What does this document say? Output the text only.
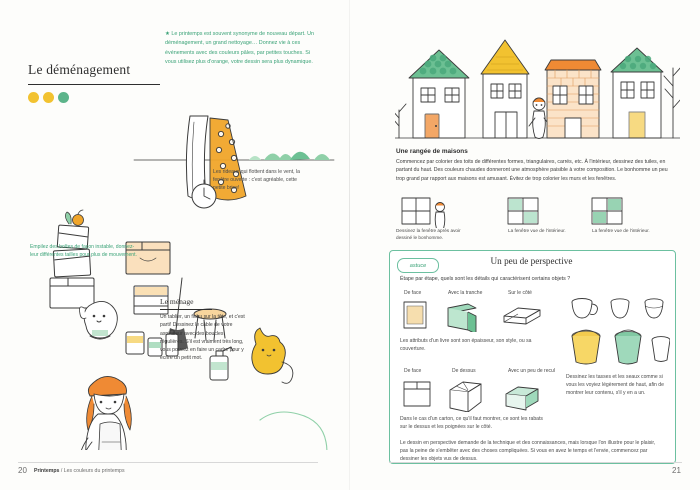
Le déménagement
★ Le printemps est souvent synonyme de nouveau départ. Un déménagement, un grand nettoyage… Donnez vie à ces événements avec des couleurs pâles, par petites touches. Si vous utilisez plus d'orange, votre dessin sera plus dynamique.
Les rideaux qui flottent dans le vent, la fenêtre ouverte : c'est agréable, cette petite brise!
Empilez des boîtes de façon instable, donnez-leur différentes tailles pour plus de mouvement.
Le ménage
Un tablier, un fichu sur la tête, et c'est parti! Dessinez le câble de votre aspirateur avec des boucles régulières. S'il est vraiment très long, vous pouvez en faire un cadre pour y écrire un petit mot.
Une rangée de maisons
Commencez par colorier des toits de différentes formes, triangulaires, carrés, etc. À l'intérieur, dessinez des tuiles, en partant du haut. Des couleurs chaudes donneront une atmosphère paisible à votre composition. Le bonhomme un peu trop grand par rapport aux maisons est amusant. Évitez de trop colorier les murs et les fenêtres.
Dessinez la fenêtre après avoir dessiné le bonhomme.
La fenêtre vue de l'intérieur.	La fenêtre vue de l'intérieur.
astuce	Un peu de perspective
Étape par étape, quels sont les détails qui caractérisent certains objets ?
De face	Avec la tranche	Sur le côté
Les attributs d'un livre sont son épaisseur, son style, ou sa couverture.
De face	De dessus	Avec un peu de recul
Dans le cas d'un carton, ce qu'il faut montrer, ce sont les rabats sur le dessus et les poignées sur le côté.
Dessinez les tasses et les seaux comme si vous les voyiez légèrement de haut, afin de montrer leur contenu, s'il y en a un.
Le dessin en perspective demande de la technique et des connaissances, mais lorsque l'on illustre pour le plaisir, pas la peine de s'embêter avec des choses compliquées. Si vous en avez le temps et l'envie, commencez par dessiner les objets vus de dessus.
20 Printemps / Les couleurs du printemps	21
